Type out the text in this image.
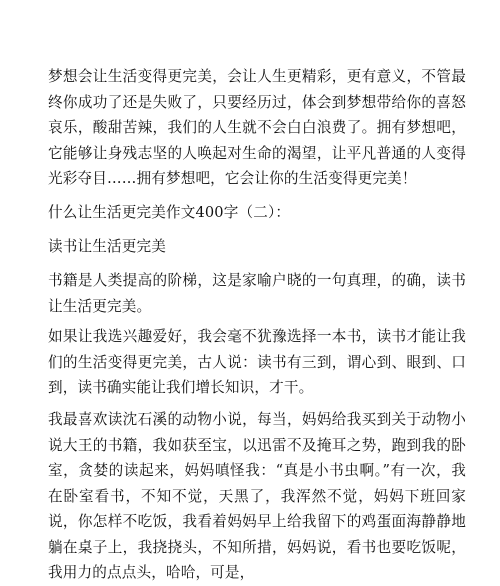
梦想会让生活变得更完美，会让人生更精彩，更有意义，不管最终你成功了还是失败了，只要经历过，体会到梦想带给你的喜怒哀乐，酸甜苦辣，我们的人生就不会白白浪费了。拥有梦想吧，它能够让身残志坚的人唤起对生命的渴望，让平凡普通的人变得光彩夺目……拥有梦想吧，它会让你的生活变得更完美！

什么让生活更完美作文400字（二）：

读书让生活更完美

书籍是人类提高的阶梯，这是家喻户晓的一句真理，的确，读书让生活更完美。

如果让我选兴趣爱好，我会毫不犹豫选择一本书，读书才能让我们的生活变得更完美，古人说：读书有三到，谓心到、眼到、口到，读书确实能让我们增长知识，才干。

我最喜欢读沈石溪的动物小说，每当，妈妈给我买到关于动物小说大王的书籍，我如获至宝，以迅雷不及掩耳之势，跑到我的卧室，贪婪的读起来，妈妈嗔怪我：“真是小书虫啊。”有一次，我在卧室看书，不知不觉，天黑了，我浑然不觉，妈妈下班回家说，你怎样不吃饭，我看着妈妈早上给我留下的鸡蛋面海静静地躺在桌子上，我挠挠头，不知所措，妈妈说，看书也要吃饭呢，我用力的点点头，哈哈，可是，
